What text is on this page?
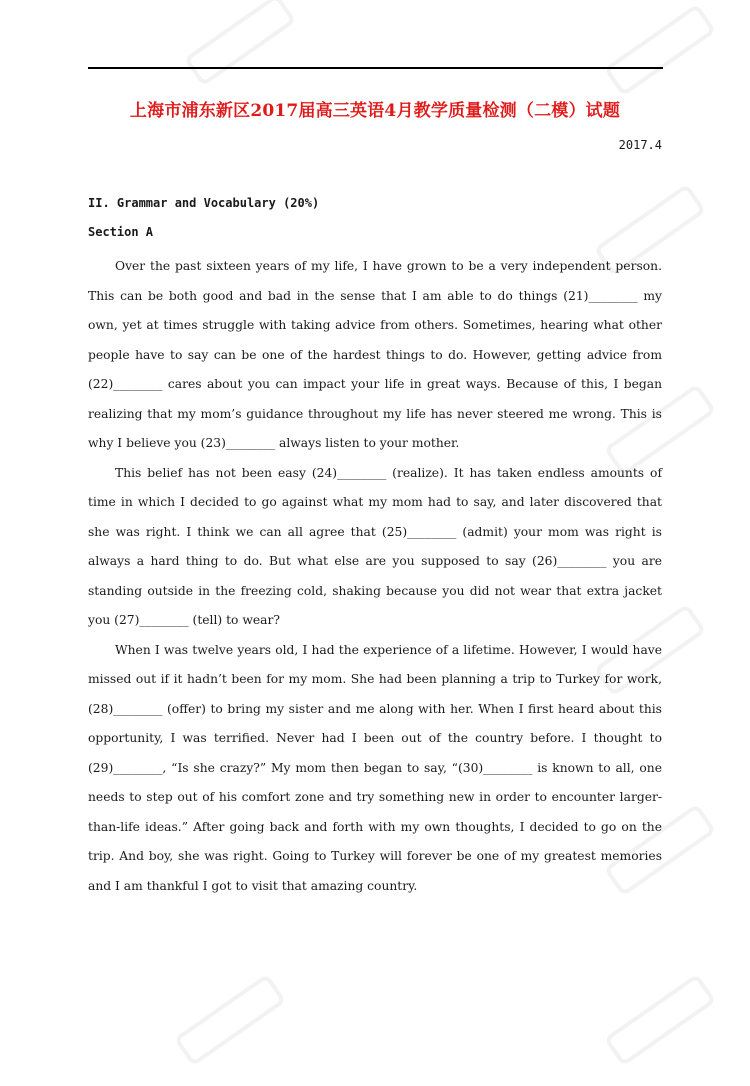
上海市浦东新区2017届高三英语4月教学质量检测（二模）试题
2017.4
II. Grammar and Vocabulary (20%)
Section A

Over the past sixteen years of my life, I have grown to be a very independent person. This can be both good and bad in the sense that I am able to do things (21)________ my own, yet at times struggle with taking advice from others. Sometimes, hearing what other people have to say can be one of the hardest things to do. However, getting advice from (22)________ cares about you can impact your life in great ways. Because of this, I began realizing that my mom’s guidance throughout my life has never steered me wrong. This is why I believe you (23)________ always listen to your mother.

This belief has not been easy (24)________ (realize). It has taken endless amounts of time in which I decided to go against what my mom had to say, and later discovered that she was right. I think we can all agree that (25)________ (admit) your mom was right is always a hard thing to do. But what else are you supposed to say (26)________ you are standing outside in the freezing cold, shaking because you did not wear that extra jacket you (27)________ (tell) to wear?

When I was twelve years old, I had the experience of a lifetime. However, I would have missed out if it hadn’t been for my mom. She had been planning a trip to Turkey for work, (28)________ (offer) to bring my sister and me along with her. When I first heard about this opportunity, I was terrified. Never had I been out of the country before. I thought to (29)________, “Is she crazy?” My mom then began to say, “(30)________ is known to all, one needs to step out of his comfort zone and try something new in order to encounter larger-than-life ideas.” After going back and forth with my own thoughts, I decided to go on the trip. And boy, she was right. Going to Turkey will forever be one of my greatest memories and I am thankful I got to visit that amazing country.
